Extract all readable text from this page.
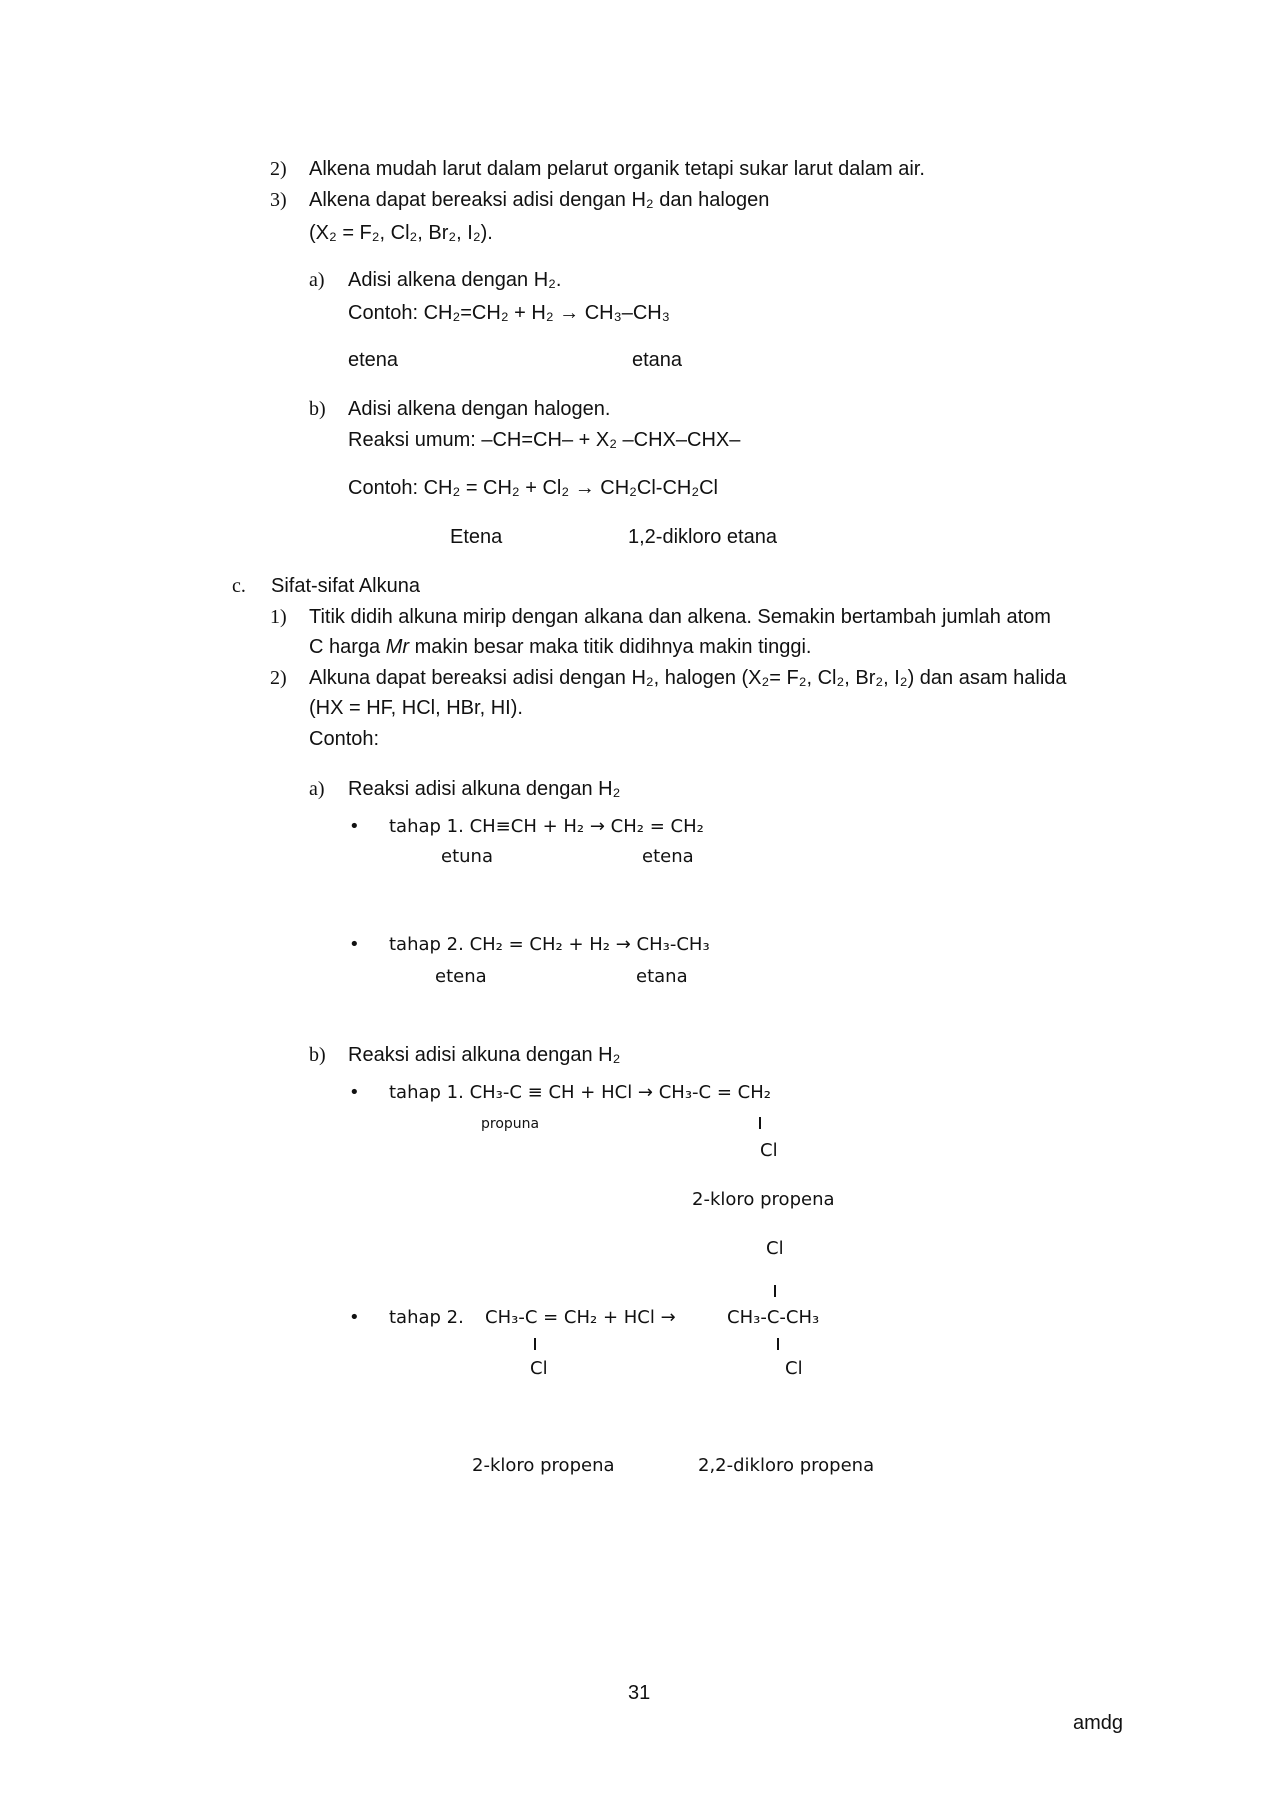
2) Alkena mudah larut dalam pelarut organik tetapi sukar larut dalam air.
3) Alkena dapat bereaksi adisi dengan H₂ dan halogen
(X₂ = F₂, Cl₂, Br₂, I₂).
a) Adisi alkena dengan H₂.
Contoh: CH₂=CH₂ + H₂ → CH₃–CH₃
etena	etana
b) Adisi alkena dengan halogen.
Reaksi umum: –CH=CH– + X₂ –CHX–CHX–
Contoh: CH₂ = CH₂ + Cl₂ → CH₂Cl-CH₂Cl
Etena	1,2-dikloro etana
c. Sifat-sifat Alkuna
1) Titik didih alkuna mirip dengan alkana dan alkena. Semakin bertambah jumlah atom
C harga Mr makin besar maka titik didihnya makin tinggi.
2) Alkuna dapat bereaksi adisi dengan H₂, halogen (X₂= F₂, Cl₂, Br₂, I₂) dan asam halida
(HX = HF, HCl, HBr, HI).
Contoh:
a) Reaksi adisi alkuna dengan H₂
• tahap 1. CH≡CH + H₂ → CH₂ = CH₂
etuna	etena
• tahap 2. CH₂ = CH₂ + H₂ → CH₃-CH₃
etena	etana
b) Reaksi adisi alkuna dengan H₂
• tahap 1. CH₃-C ≡ CH + HCl → CH₃-C = CH₂
propuna
Cl
2-kloro propena
Cl
• tahap 2. CH₃-C = CH₂ + HCl →	CH₃-C-CH₃
Cl	Cl
2-kloro propena	2,2-dikloro propena
31
amdg
